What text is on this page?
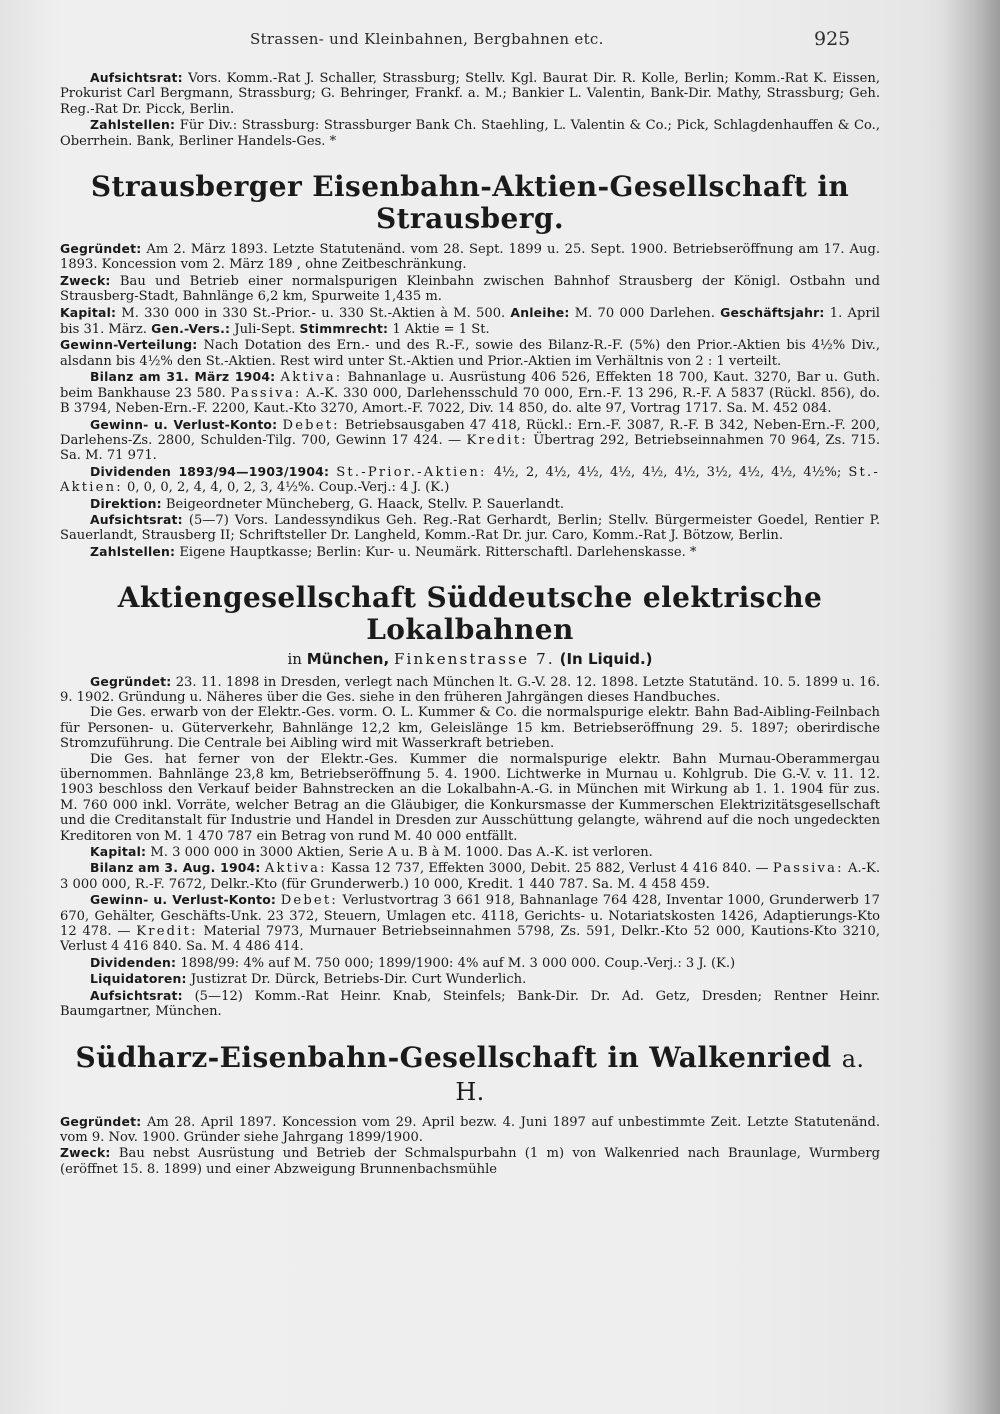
Strassen- und Kleinbahnen, Bergbahnen etc.	925

Aufsichtsrat: Vors. Komm.-Rat J. Schaller, Strassburg; Stellv. Kgl. Baurat Dir. R. Kolle, Berlin; Komm.-Rat K. Eissen, Prokurist Carl Bergmann, Strassburg; G. Behringer, Frankf. a. M.; Bankier L. Valentin, Bank-Dir. Mathy, Strassburg; Geh. Reg.-Rat Dr. Picck, Berlin.

Zahlstellen: Für Div.: Strassburg: Strassburger Bank Ch. Staehling, L. Valentin & Co.; Pick, Schlagdenhauffen & Co., Oberrhein. Bank, Berliner Handels-Ges. *

Strausberger Eisenbahn-Aktien-Gesellschaft in Strausberg.

Gegründet: Am 2. März 1893. Letzte Statutenänd. vom 28. Sept. 1899 u. 25. Sept. 1900. Betriebseröffnung am 17. Aug. 1893. Koncession vom 2. März 189 , ohne Zeitbeschränkung.

Zweck: Bau und Betrieb einer normalspurigen Kleinbahn zwischen Bahnhof Strausberg der Königl. Ostbahn und Strausberg-Stadt, Bahnlänge 6,2 km, Spurweite 1,435 m.

Kapital: M. 330 000 in 330 St.-Prior.- u. 330 St.-Aktien à M. 500. Anleihe: M. 70 000 Darlehen. Geschäftsjahr: 1. April bis 31. März. Gen.-Vers.: Juli-Sept. Stimmrecht: 1 Aktie = 1 St.

Gewinn-Verteilung: Nach Dotation des Ern.- und des R.-F., sowie des Bilanz-R.-F. (5%) den Prior.-Aktien bis 4½% Div., alsdann bis 4½% den St.-Aktien. Rest wird unter St.-Aktien und Prior.-Aktien im Verhältnis von 2 : 1 verteilt.

Bilanz am 31. März 1904: Aktiva: Bahnanlage u. Ausrüstung 406 526, Effekten 18 700, Kaut. 3270, Bar u. Guth. beim Bankhause 23 580. Passiva: A.-K. 330 000, Darlehensschuld 70 000, Ern.-F. 13 296, R.-F. A 5837 (Rückl. 856), do. B 3794, Neben-Ern.-F. 2200, Kaut.-Kto 3270, Amort.-F. 7022, Div. 14 850, do. alte 97, Vortrag 1717. Sa. M. 452 084.

Gewinn- u. Verlust-Konto: Debet: Betriebsausgaben 47 418, Rückl.: Ern.-F. 3087, R.-F. B 342, Neben-Ern.-F. 200, Darlehens-Zs. 2800, Schulden-Tilg. 700, Gewinn 17 424. — Kredit: Übertrag 292, Betriebseinnahmen 70 964, Zs. 715. Sa. M. 71 971.

Dividenden 1893/94—1903/1904: St.-Prior.-Aktien: 4½, 2, 4½, 4½, 4½, 4½, 4½, 3½, 4½, 4½, 4½%; St.-Aktien: 0, 0, 0, 2, 4, 4, 0, 2, 3, 4½%. Coup.-Verj.: 4 J. (K.)

Direktion: Beigeordneter Müncheberg, G. Haack, Stellv. P. Sauerlandt.

Aufsichtsrat: (5—7) Vors. Landessyndikus Geh. Reg.-Rat Gerhardt, Berlin; Stellv. Bürgermeister Goedel, Rentier P. Sauerlandt, Strausberg II; Schriftsteller Dr. Langheld, Komm.-Rat Dr. jur. Caro, Komm.-Rat J. Bötzow, Berlin.

Zahlstellen: Eigene Hauptkasse; Berlin: Kur- u. Neumärk. Ritterschaftl. Darlehenskasse. *

Aktiengesellschaft Süddeutsche elektrische Lokalbahnen
in München, Finkenstrasse 7. (In Liquid.)

Gegründet: 23. 11. 1898 in Dresden, verlegt nach München lt. G.-V. 28. 12. 1898. Letzte Statutänd. 10. 5. 1899 u. 16. 9. 1902. Gründung u. Näheres über die Ges. siehe in den früheren Jahrgängen dieses Handbuches.

Die Ges. erwarb von der Elektr.-Ges. vorm. O. L. Kummer & Co. die normalspurige elektr. Bahn Bad-Aibling-Feilnbach für Personen- u. Güterverkehr, Bahnlänge 12,2 km, Geleislänge 15 km. Betriebseröffnung 29. 5. 1897; oberirdische Stromzuführung. Die Centrale bei Aibling wird mit Wasserkraft betrieben.

Die Ges. hat ferner von der Elektr.-Ges. Kummer die normalspurige elektr. Bahn Murnau-Oberammergau übernommen. Bahnlänge 23,8 km, Betriebseröffnung 5. 4. 1900. Lichtwerke in Murnau u. Kohlgrub. Die G.-V. v. 11. 12. 1903 beschloss den Verkauf beider Bahnstrecken an die Lokalbahn-A.-G. in München mit Wirkung ab 1. 1. 1904 für zus. M. 760 000 inkl. Vorräte, welcher Betrag an die Gläubiger, die Konkursmasse der Kummerschen Elektrizitätsgesellschaft und die Creditanstalt für Industrie und Handel in Dresden zur Ausschüttung gelangte, während auf die noch ungedeckten Kreditoren von M. 1 470 787 ein Betrag von rund M. 40 000 entfällt.

Kapital: M. 3 000 000 in 3000 Aktien, Serie A u. B à M. 1000. Das A.-K. ist verloren.

Bilanz am 3. Aug. 1904: Aktiva: Kassa 12 737, Effekten 3000, Debit. 25 882, Verlust 4 416 840. — Passiva: A.-K. 3 000 000, R.-F. 7672, Delkr.-Kto (für Grunderwerb.) 10 000, Kredit. 1 440 787. Sa. M. 4 458 459.

Gewinn- u. Verlust-Konto: Debet: Verlustvortrag 3 661 918, Bahnanlage 764 428, Inventar 1000, Grunderwerb 17 670, Gehälter, Geschäfts-Unk. 23 372, Steuern, Umlagen etc. 4118, Gerichts- u. Notariatskosten 1426, Adaptierungs-Kto 12 478. — Kredit: Material 7973, Murnauer Betriebseinnahmen 5798, Zs. 591, Delkr.-Kto 52 000, Kautions-Kto 3210, Verlust 4 416 840. Sa. M. 4 486 414.

Dividenden: 1898/99: 4% auf M. 750 000; 1899/1900: 4% auf M. 3 000 000. Coup.-Verj.: 3 J. (K.)

Liquidatoren: Justizrat Dr. Dürck, Betriebs-Dir. Curt Wunderlich.

Aufsichtsrat: (5—12) Komm.-Rat Heinr. Knab, Steinfels; Bank-Dir. Dr. Ad. Getz, Dresden; Rentner Heinr. Baumgartner, München.

Südharz-Eisenbahn-Gesellschaft in Walkenried a. H.

Gegründet: Am 28. April 1897. Koncession vom 29. April bezw. 4. Juni 1897 auf unbestimmte Zeit. Letzte Statutenänd. vom 9. Nov. 1900. Gründer siehe Jahrgang 1899/1900.

Zweck: Bau nebst Ausrüstung und Betrieb der Schmalspurbahn (1 m) von Walkenried nach Braunlage, Wurmberg (eröffnet 15. 8. 1899) und einer Abzweigung Brunnenbachsmühle
